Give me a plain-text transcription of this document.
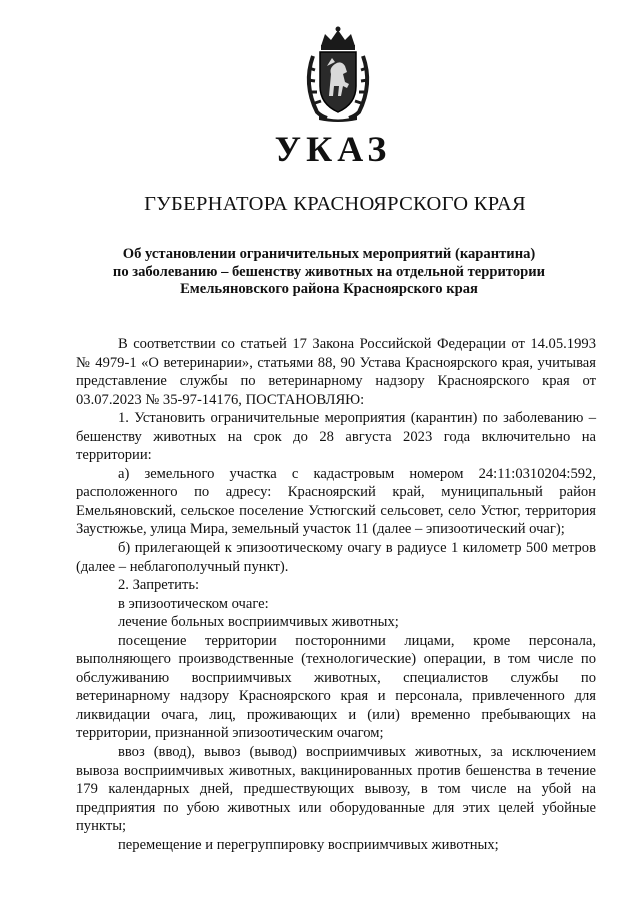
УКАЗ
ГУБЕРНАТОРА КРАСНОЯРСКОГО КРАЯ
Об установлении ограничительных мероприятий (карантина)
по заболеванию – бешенству животных на отдельной территории
Емельяновского района Красноярского края

В соответствии со статьей 17 Закона Российской Федерации от 14.05.1993 № 4979-1 «О ветеринарии», статьями 88, 90 Устава Красноярского края, учитывая представление службы по ветеринарному надзору Красноярского края от 03.07.2023 № 35-97-14176, ПОСТАНОВЛЯЮ:

1. Установить ограничительные мероприятия (карантин) по заболеванию – бешенству животных на срок до 28 августа 2023 года включительно на территории:

а) земельного участка с кадастровым номером 24:11:0310204:592, расположенного по адресу: Красноярский край, муниципальный район Емельяновский, сельское поселение Устюгский сельсовет, село Устюг, территория Заустюжье, улица Мира, земельный участок 11 (далее – эпизоотический очаг);

б) прилегающей к эпизоотическому очагу в радиусе 1 километр 500 метров (далее – неблагополучный пункт).

2. Запретить:

в эпизоотическом очаге:

лечение больных восприимчивых животных;

посещение территории посторонними лицами, кроме персонала, выполняющего производственные (технологические) операции, в том числе по обслуживанию восприимчивых животных, специалистов службы по ветеринарному надзору Красноярского края и персонала, привлеченного для ликвидации очага, лиц, проживающих и (или) временно пребывающих на территории, признанной эпизоотическим очагом;

ввоз (ввод), вывоз (вывод) восприимчивых животных, за исключением вывоза восприимчивых животных, вакцинированных против бешенства в течение 179 календарных дней, предшествующих вывозу, в том числе на убой на предприятия по убою животных или оборудованные для этих целей убойные пункты;

перемещение и перегруппировку восприимчивых животных;
